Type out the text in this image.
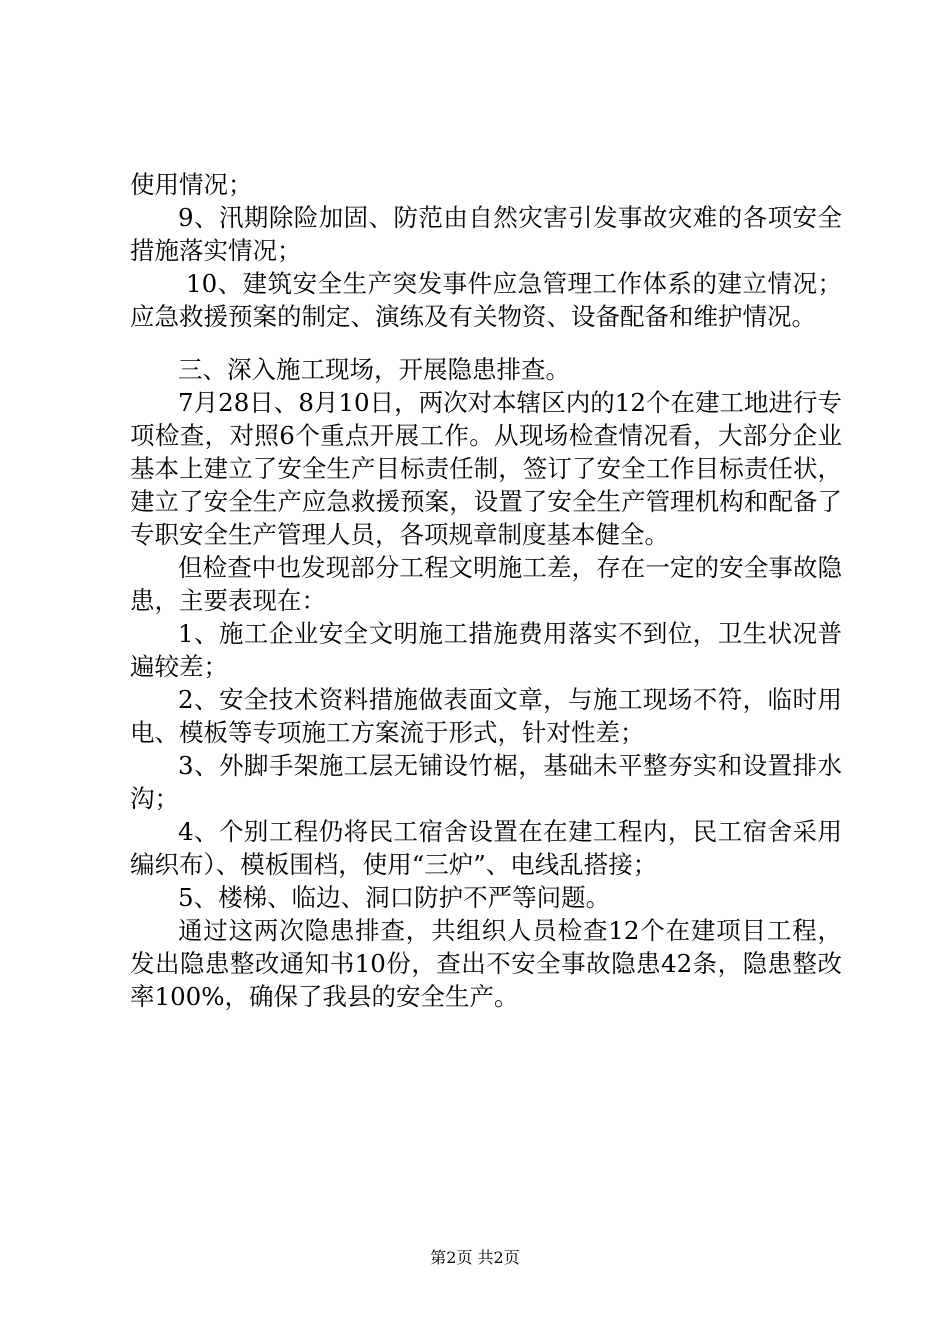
使用情况；

9、汛期除险加固、防范由自然灾害引发事故灾难的各项安全措施落实情况；

10、建筑安全生产突发事件应急管理工作体系的建立情况；应急救援预案的制定、演练及有关物资、设备配备和维护情况。

三、深入施工现场，开展隐患排查。

7月28日、8月10日，两次对本辖区内的12个在建工地进行专项检查，对照6个重点开展工作。从现场检查情况看，大部分企业基本上建立了安全生产目标责任制，签订了安全工作目标责任状，建立了安全生产应急救援预案，设置了安全生产管理机构和配备了专职安全生产管理人员，各项规章制度基本健全。

但检查中也发现部分工程文明施工差，存在一定的安全事故隐患，主要表现在：

1、施工企业安全文明施工措施费用落实不到位，卫生状况普遍较差；

2、安全技术资料措施做表面文章，与施工现场不符，临时用电、模板等专项施工方案流于形式，针对性差；

3、外脚手架施工层无铺设竹椐，基础未平整夯实和设置排水沟；

4、个别工程仍将民工宿舍设置在在建工程内，民工宿舍采用编织布）、模板围档，使用“三炉”、电线乱搭接；

5、楼梯、临边、洞口防护不严等问题。

通过这两次隐患排查，共组织人员检查12个在建项目工程，发出隐患整改通知书10份，查出不安全事故隐患42条，隐患整改率100%，确保了我县的安全生产。

第2页 共2页
